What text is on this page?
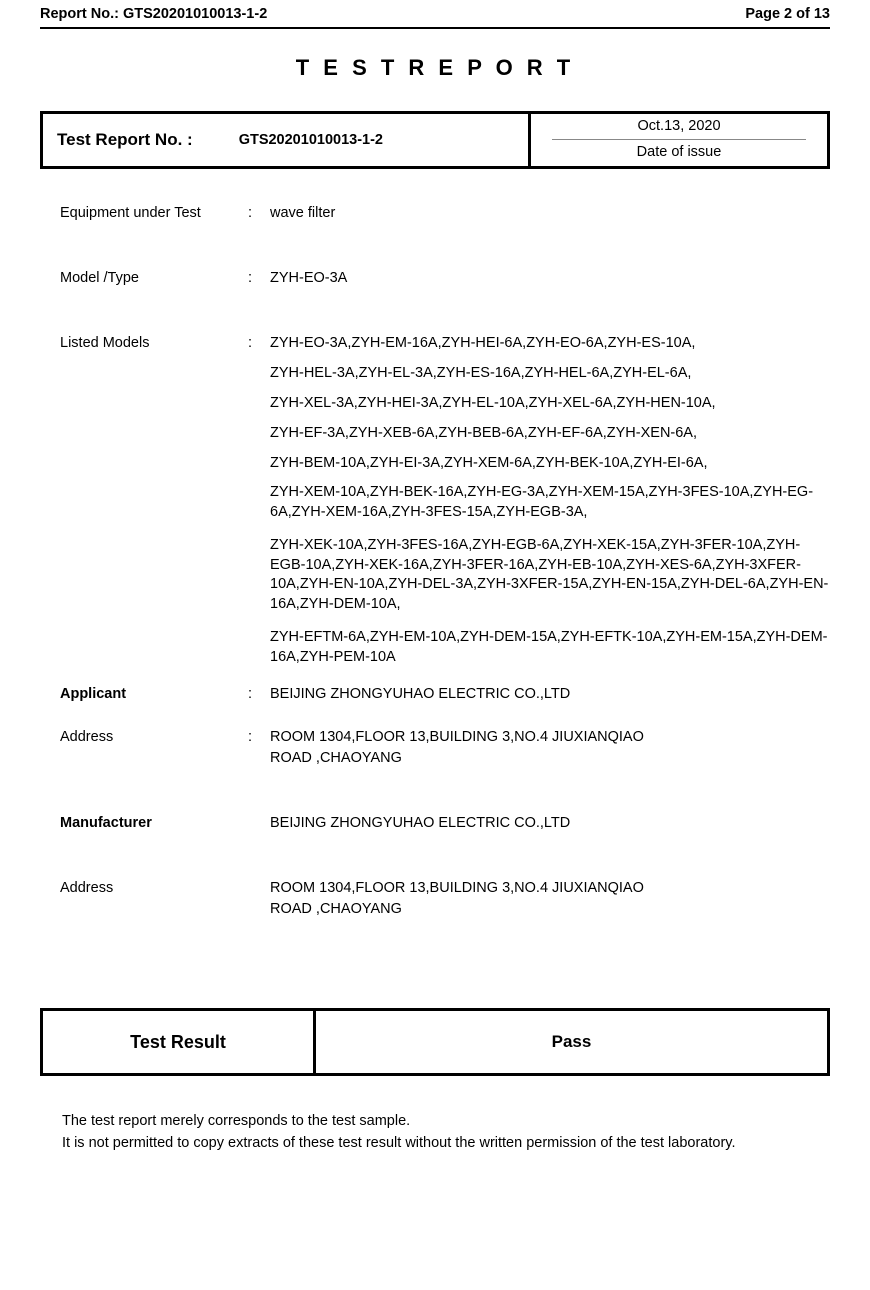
Report No.: GTS20201010013-1-2	Page 2 of 13
T E S T R E P O R T
Test Report No. :	GTS20201010013-1-2
Oct.13, 2020
Date of issue
Equipment under Test	:	wave filter
Model /Type	:	ZYH-EO-3A
Listed Models	:	ZYH-EO-3A,ZYH-EM-16A,ZYH-HEI-6A,ZYH-EO-6A,ZYH-ES-10A,
ZYH-HEL-3A,ZYH-EL-3A,ZYH-ES-16A,ZYH-HEL-6A,ZYH-EL-6A,
ZYH-XEL-3A,ZYH-HEI-3A,ZYH-EL-10A,ZYH-XEL-6A,ZYH-HEN-10A,
ZYH-EF-3A,ZYH-XEB-6A,ZYH-BEB-6A,ZYH-EF-6A,ZYH-XEN-6A,
ZYH-BEM-10A,ZYH-EI-3A,ZYH-XEM-6A,ZYH-BEK-10A,ZYH-EI-6A,
ZYH-XEM-10A,ZYH-BEK-16A,ZYH-EG-3A,ZYH-XEM-15A,ZYH-3FES-10A,ZYH-EG-6A,ZYH-XEM-16A,ZYH-3FES-15A,ZYH-EGB-3A,
ZYH-XEK-10A,ZYH-3FES-16A,ZYH-EGB-6A,ZYH-XEK-15A,ZYH-3FER-10A,ZYH-EGB-10A,ZYH-XEK-16A,ZYH-3FER-16A,ZYH-EB-10A,ZYH-XES-6A,ZYH-3XFER-10A,ZYH-EN-10A,ZYH-DEL-3A,ZYH-3XFER-15A,ZYH-EN-15A,ZYH-DEL-6A,ZYH-EN-16A,ZYH-DEM-10A,
ZYH-EFTM-6A,ZYH-EM-10A,ZYH-DEM-15A,ZYH-EFTK-10A,ZYH-EM-15A,ZYH-DEM-16A,ZYH-PEM-10A
Applicant	:	BEIJING ZHONGYUHAO ELECTRIC CO.,LTD
Address	:	ROOM 1304,FLOOR 13,BUILDING 3,NO.4 JIUXIANQIAO
ROAD ,CHAOYANG
Manufacturer	BEIJING ZHONGYUHAO ELECTRIC CO.,LTD
Address	ROOM 1304,FLOOR 13,BUILDING 3,NO.4 JIUXIANQIAO
ROAD ,CHAOYANG
Test Result	Pass
The test report merely corresponds to the test sample.
It is not permitted to copy extracts of these test result without the written permission of the test laboratory.
